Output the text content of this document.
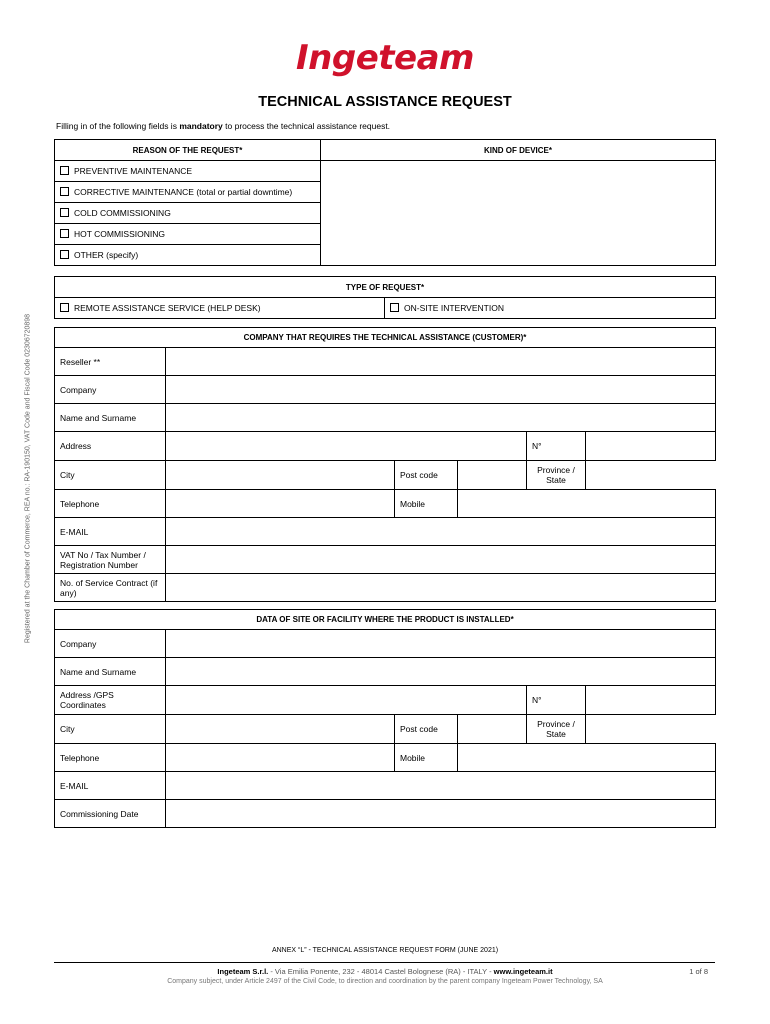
Ingeteam
TECHNICAL ASSISTANCE REQUEST
Filling in of the following fields is mandatory to process the technical assistance request.
Registered at the Chamber of Commerce, REA no.: RA-190150, VAT Code and Fiscal Code 02306720898
REASON OF THE REQUEST*	KIND OF DEVICE*
PREVENTIVE MAINTENANCE	
CORRECTIVE MAINTENANCE (total or partial downtime)	
COLD COMMISSIONING	
HOT COMMISSIONING	
OTHER (specify)	
TYPE OF REQUEST*
REMOTE ASSISTANCE SERVICE (HELP DESK)	ON-SITE INTERVENTION
COMPANY THAT REQUIRES THE TECHNICAL ASSISTANCE (CUSTOMER)*					
Reseller **					
Company					
Name and Surname					
Address				N°	
City		Post code		Province / State	
Telephone		Mobile			
E-MAIL					
VAT No / Tax Number / Registration Number					
No. of Service Contract (if any)					
DATA OF SITE OR FACILITY WHERE THE PRODUCT IS INSTALLED*					
Company					
Name and Surname					
Address /GPS Coordinates				N°	
City		Post code		Province / State	
Telephone		Mobile			
E-MAIL					
Commissioning Date					
ANNEX “L” - TECHNICAL ASSISTANCE REQUEST FORM (JUNE 2021)
Ingeteam S.r.l. - Via Emilia Ponente, 232 - 48014 Castel Bolognese (RA) - ITALY - www.ingeteam.it
Company subject, under Article 2497 of the Civil Code, to direction and coordination by the parent company Ingeteam Power Technology, SA
1 of 8
